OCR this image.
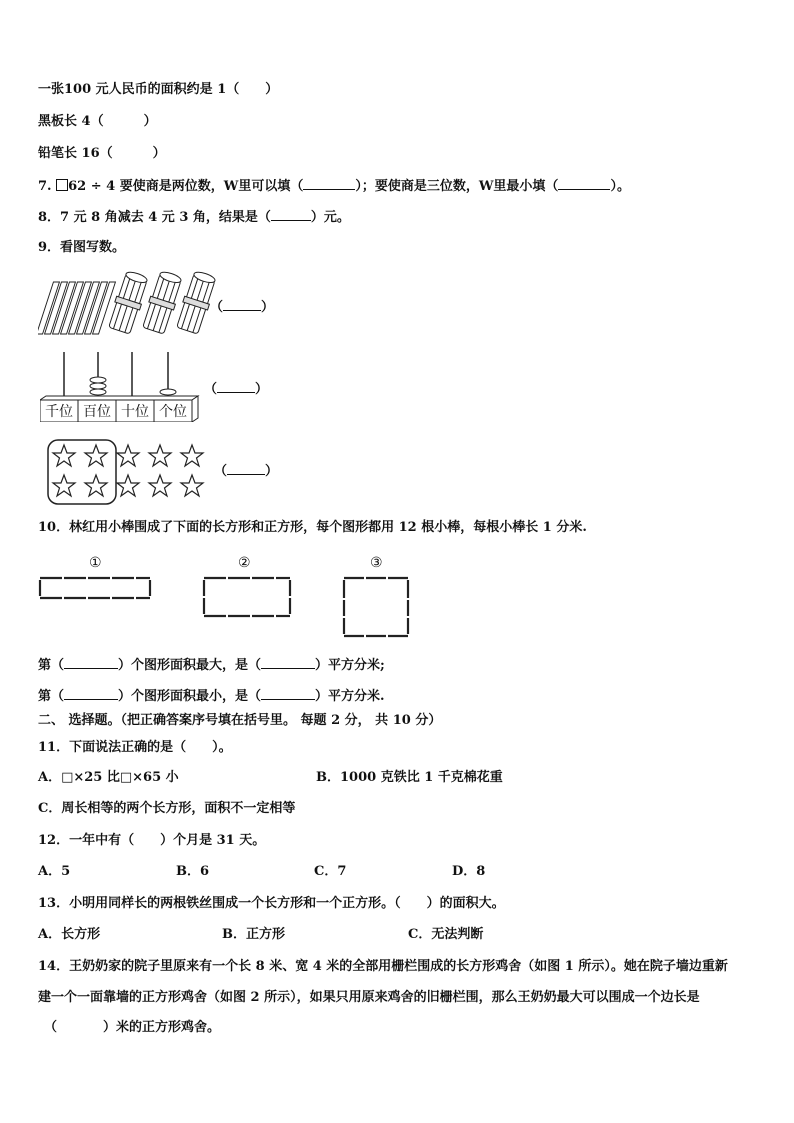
一张100 元人民币的面积约是 1（ ）
黑板长 4（	）
铅笔长 16（	）
7. 62 ÷ 4 要使商是两位数，W里可以填（	）；要使商是三位数，W里最小填（	）。
8．7 元 8 角减去 4 元 3 角，结果是（	）元。
9．看图写数。
（	）
千位 百位 十位 个位
（	）
（	）
10．林红用小棒围成了下面的长方形和正方形，每个图形都用 12 根小棒，每根小棒长 1 分米.
①	②	③
第（	）个图形面积最大，是（	）平方分米;
第（	）个图形面积最小，是（	）平方分米.
二、 选择题。（把正确答案序号填在括号里。 每题 2 分， 共 10 分）
11．下面说法正确的是（　　）。
A．□×25 比□×65 小	B．1000 克铁比 1 千克棉花重
C．周长相等的两个长方形，面积不一定相等
12．一年中有（　　）个月是 31 天。
A．5	B．6	C．7	D．8
13．小明用同样长的两根铁丝围成一个长方形和一个正方形。（　　）的面积大。
A．长方形	B．正方形	C．无法判断
14．王奶奶家的院子里原来有一个长 8 米、宽 4 米的全部用栅栏围成的长方形鸡舍（如图 1 所示）。她在院子墙边重新
建一个一面靠墙的正方形鸡舍（如图 2 所示），如果只用原来鸡舍的旧栅栏围，那么王奶奶最大可以围成一个边长是
（	）米的正方形鸡舍。
